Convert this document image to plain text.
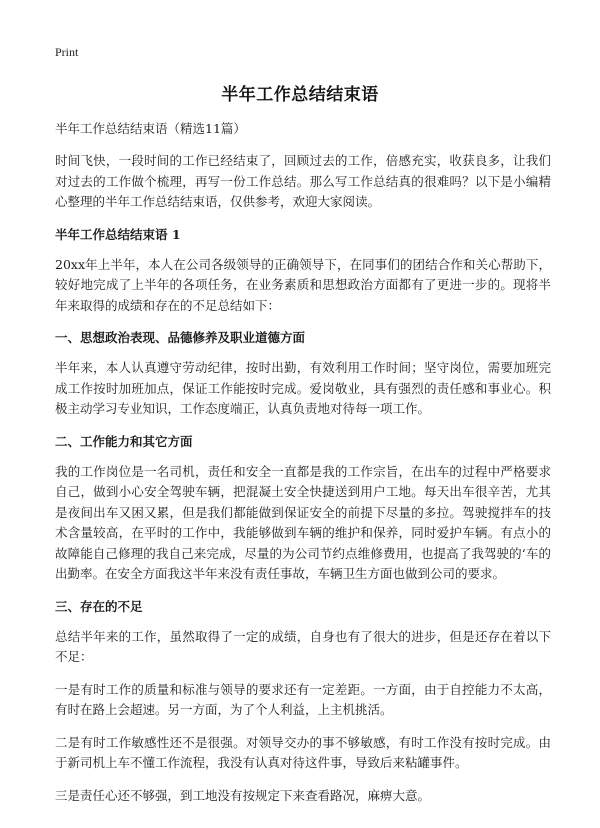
Print
半年工作总结结束语

半年工作总结结束语（精选11篇）

时间飞快，一段时间的工作已经结束了，回顾过去的工作，倍感充实，收获良多，让我们对过去的工作做个梳理，再写一份工作总结。那么写工作总结真的很难吗？以下是小编精心整理的半年工作总结结束语，仅供参考，欢迎大家阅读。

半年工作总结结束语 1

20xx年上半年，本人在公司各级领导的正确领导下，在同事们的团结合作和关心帮助下，较好地完成了上半年的各项任务，在业务素质和思想政治方面都有了更进一步的。现将半年来取得的成绩和存在的不足总结如下：

一、思想政治表现、品德修养及职业道德方面

半年来，本人认真遵守劳动纪律，按时出勤，有效利用工作时间；坚守岗位，需要加班完成工作按时加班加点，保证工作能按时完成。爱岗敬业，具有强烈的责任感和事业心。积极主动学习专业知识，工作态度端正，认真负责地对待每一项工作。

二、工作能力和其它方面

我的工作岗位是一名司机，责任和安全一直都是我的工作宗旨，在出车的过程中严格要求自己，做到小心安全驾驶车辆，把混凝土安全快捷送到用户工地。每天出车很辛苦，尤其是夜间出车又困又累，但是我们都能做到保证安全的前提下尽量的多拉。驾驶搅拌车的技术含量较高，在平时的工作中，我能够做到车辆的维护和保养，同时爱护车辆。有点小的故障能自己修理的我自己来完成，尽量的为公司节约点维修费用，也提高了我驾驶的‘车的出勤率。在安全方面我这半年来没有责任事故，车辆卫生方面也做到公司的要求。

三、存在的不足

总结半年来的工作，虽然取得了一定的成绩，自身也有了很大的进步，但是还存在着以下不足：

一是有时工作的质量和标准与领导的要求还有一定差距。一方面，由于自控能力不太高，有时在路上会超速。另一方面，为了个人利益，上主机挑活。

二是有时工作敏感性还不是很强。对领导交办的事不够敏感，有时工作没有按时完成。由于新司机上车不懂工作流程，我没有认真对待这件事，导致后来粘罐事件。

三是责任心还不够强，到工地没有按规定下来查看路况，麻痹大意。
